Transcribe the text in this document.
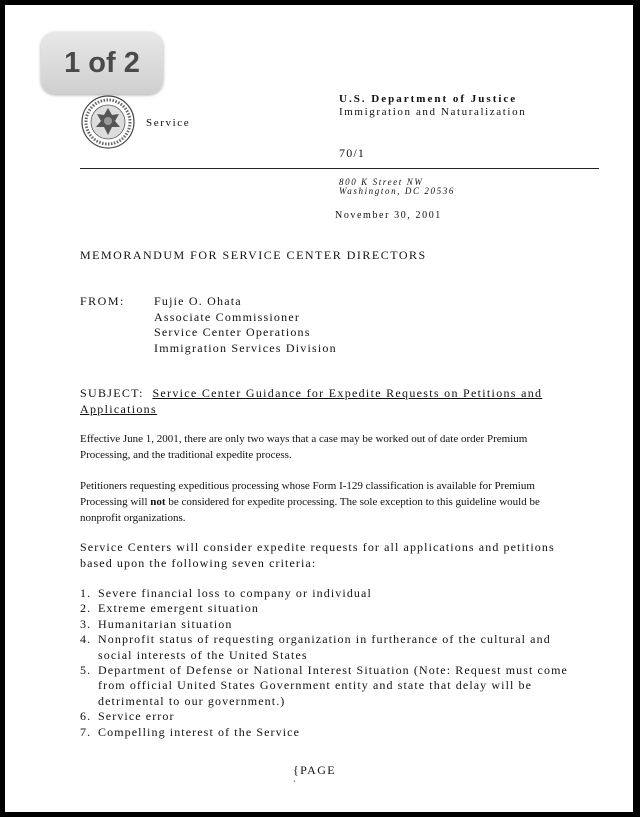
1 of 2
U.S. Department of Justice
Immigration and Naturalization
Service
70/1
800 K Street NW
Washington, DC 20536
November 30, 2001
MEMORANDUM FOR SERVICE CENTER DIRECTORS
FROM: Fujie O. Ohata
Associate Commissioner
Service Center Operations
Immigration Services Division
SUBJECT: Service Center Guidance for Expedite Requests on Petitions and Applications
Effective June 1, 2001, there are only two ways that a case may be worked out of date order Premium Processing, and the traditional expedite process.
Petitioners requesting expeditious processing whose Form I-129 classification is available for Premium Processing will not be considered for expedite processing. The sole exception to this guideline would be nonprofit organizations.
Service Centers will consider expedite requests for all applications and petitions based upon the following seven criteria:
1. Severe financial loss to company or individual
2. Extreme emergent situation
3. Humanitarian situation
4. Nonprofit status of requesting organization in furtherance of the cultural and social interests of the United States
5. Department of Defense or National Interest Situation (Note: Request must come from official United States Government entity and state that delay will be detrimental to our government.)
6. Service error
7. Compelling interest of the Service
{PAGE
`
